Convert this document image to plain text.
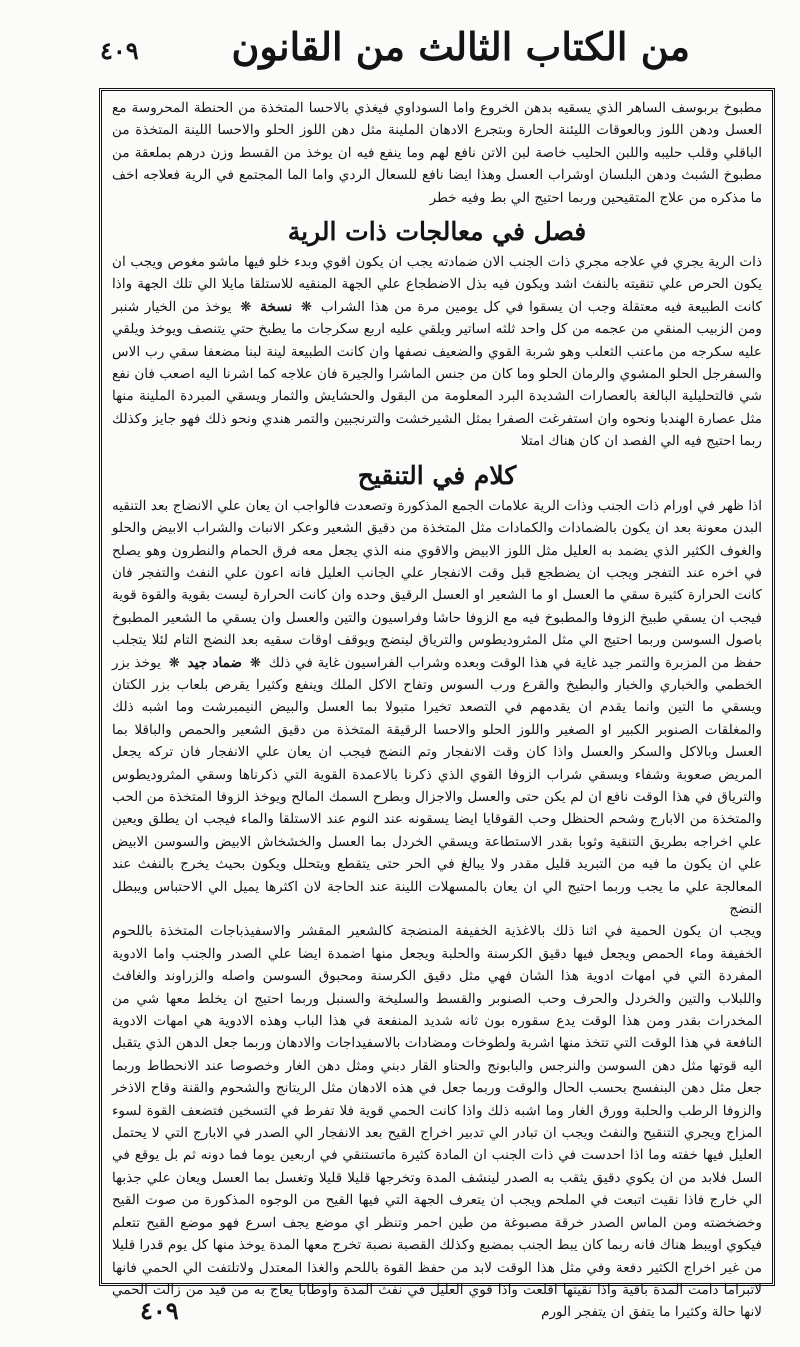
٤٠٩ من الكتاب الثالث من القانون

مطبوخ بربوسف الساهر الذي يسقيه بدهن الخروع واما السوداوي فيغذي بالاحسا المتخذة من الحنطة المحروسة مع العسل ودهن اللوز وبالعوقات الليئنة الحارة وبتجرع الادهان الملينة مثل دهن اللوز الحلو والاحسا اللينة المتخذة من الباقلي وقلب حليبه واللبن الحليب خاصة لبن الاتن نافع لهم وما ينفع فيه ان يوخذ من القسط وزن درهم بملعقة من مطبوخ الشبث ودهن البلسان اوشراب العسل وهذا ايضا نافع للسعال الردي واما الما المجتمع في الرية فعلاجه اخف ما مذكره من علاج المتقيحين وربما احتيج الي بط وفيه خطر

فصل في معالجات ذات الرية

ذات الرية يجري في علاجه مجري ذات الجنب الان ضمادته يجب ان يكون اقوي وبدء خلو فيها ماشو مغوص ويجب ان يكون الحرص علي تنقيته بالنفث اشد ويكون فيه بذل الاضطجاع علي الجهة المنقيه للاستلقا مايلا الي تلك الجهة واذا كانت الطبيعة فيه معتقلة وجب ان يسقوا في كل يومين مرة من هذا الشراب ❋ نسخة ❋ يوخذ من الخيار شنبر ومن الزبيب المنقي من عجمه من كل واحد ثلثه اساتير ويلقي عليه اربع سكرجات ما يطبخ حتي يتنصف ويوخذ ويلقي عليه سكرجه من ماعنب الثعلب وهو شربة القوي والضعيف نصفها وان كانت الطبيعة لينة لبنا مضعفا سقي رب الاس والسفرجل الحلو المشوي والرمان الحلو وما كان من جنس الماشرا والجيرة فان علاجه كما اشرنا اليه اصعب فان نفع شي فالتحليلية البالغة بالعصارات الشديدة البرد المعلومة من البقول والحشايش والثمار ويسقي المبردة الملينة منها مثل عصارة الهندبا ونحوه وان استفرغت الصفرا بمثل الشيرخشت والترنجبين والتمر هندي ونحو ذلك فهو جايز وكذلك ربما احتيج فيه الي الفصد ان كان هناك امتلا

كلام في التنقيح

اذا ظهر في اورام ذات الجنب وذات الرية علامات الجمع المذكورة وتصعدت فالواجب ان يعان علي الانضاج بعد التنقيه البدن معونة بعد ان يكون بالضمادات والكمادات مثل المتخذة من دقيق الشعير وعكر الانبات والشراب الابيض والحلو والغوف الكثير الذي يضمد به العليل مثل اللوز الابيض والاقوي منه الذي يجعل معه فرق الحمام والنطرون وهو يصلح في اخره عند التفجر ويجب ان يضطجع قبل وقت الانفجار علي الجانب العليل فانه اعون علي النفث والتفجر فان كانت الحرارة كثيرة سقي ما العسل او ما الشعير او العسل الرقيق وحده وان كانت الحرارة ليست بقوية والقوة قوية فيجب ان يسقي طبيخ الزوفا والمطبوخ فيه مع الزوفا حاشا وفراسيون والتين والعسل وان يسقي ما الشعير المطبوخ باصول السوسن وربما احتيج الي مثل المثروديطوس والترياق لينضج ويوقف اوقات سقيه بعد النضج التام لئلا يتجلب حفظ من المزبرة والتمر جيد غاية في هذا الوقت وبعده وشراب الفراسيون غاية في ذلك ❋ ضماد جيد ❋ يوخذ بزر الخطمي والخباري والخبار والبطيخ والقرع ورب السوس وتفاح الاكل الملك وينفع وكثيرا يقرص بلعاب بزر الكتان ويسقي ما التين وانما يقدم ان يقدمهم في التصعد تخيرا متبولا بما العسل والبيض النيمبرشت وما اشبه ذلك والمغلقات الصنوبر الكبير او الصغير واللوز الحلو والاحسا الرقيقة المتخذة من دقيق الشعير والحمص والباقلا بما العسل وبالاكل والسكر والعسل واذا كان وقت الانفجار وتم النضج فيجب ان يعان علي الانفجار فان تركه يجعل المريض صعوبة وشفاء ويسقي شراب الزوفا القوي الذي ذكرنا بالاعمدة القوية التي ذكرناها وسقي المثروديطوس والترياق في هذا الوقت نافع ان لم يكن حتى والعسل والاجزال وبطرح السمك المالح ويوخذ الزوفا المتخذة من الحب والمتخذة من الابارج وشحم الحنظل وحب القوقايا ايضا يسقونه عند النوم عند الاستلقا والماء فيجب ان يطلق ويعين علي اخراجه بطريق التنقية وثوبا بقدر الاستطاعة ويسقي الخردل بما العسل والخشخاش الابيض والسوسن الابيض علي ان يكون ما فيه من التبريد قليل مقدر ولا يبالغ في الحر حتى يتقطع ويتحلل ويكون بحيث يخرج بالنفث عند المعالجة علي ما يجب وربما احتيج الي ان يعان بالمسهلات اللينة عند الحاجة لان اكثرها يميل الي الاحتباس ويبطل النضج

ويجب ان يكون الحمية في اثنا ذلك بالاغذية الخفيفة المنضجة كالشعير المقشر والاسفيذباجات المتخذة باللحوم الخفيفة وماء الحمص ويجعل فيها دقيق الكرسنة والحلبة ويجعل منها اضمدة ايضا علي الصدر والجنب واما الادوية المفردة التي في امهات ادوية هذا الشان فهي مثل دقيق الكرسنة ومحبوق السوسن واصله والزراوند والغافث واللبلاب والتين والخردل والحرف وحب الصنوبر والقسط والسليخة والسنبل وربما احتيج ان يخلط معها شي من المخدرات بقدر ومن هذا الوقت يدع سقوره بون ثانه شديد المنفعة في هذا الباب وهذه الادوية هي امهات الادوية النافعة في هذا الوقت التي تتخذ منها اشربة ولطوخات ومضادات بالاسفيداجات والادهان وربما جعل الدهن الذي يتقبل اليه قوتها مثل دهن السوسن والنرجس والبابونج والحناو القار دبني ومثل دهن الغار وخصوصا عند الانحطاط وربما جعل مثل دهن البنفسج بحسب الحال والوقت وربما جعل في هذه الادهان مثل الريتانج والشحوم والقنة وقاح الاذخر والزوفا الرطب والحلبة وورق الغار وما اشبه ذلك واذا كانت الحمي قوية فلا تفرط في التسخين فتضعف القوة لسوء المزاج ويجري التنقيح والنفث ويجب ان تبادر الي تدبير اخراج القيح بعد الانفجار الي الصدر في الابارج التي لا يحتمل العليل فيها خفته وما اذا احدست في ذات الجنب ان المادة كثيرة ماتستنقي في اربعين يوما فما دونه ثم بل يوقع في السل فلابد من ان يكوي دقيق يثقب به الصدر لينشف المدة وتخرجها قليلا قليلا وتغسل بما العسل ويعان علي جذبها الي خارج فاذا نقيت اتبعت في الملحم ويجب ان يتعرف الجهة التي فيها القيح من الوجوه المذكورة من صوت القيح وخضخضته ومن الماس الصدر خرقة مصبوغة من طين احمر وتنظر اي موضع يجف اسرع فهو موضع القيح تتعلم فيكوي اويبط هناك فانه ربما كان يبط الجنب بمضبع وكذلك القصبة نصبة تخرج معها المدة يوخذ منها كل يوم قدرا قليلا من غير اخراج الكثير دفعة وفي مثل هذا الوقت لابد من حفظ القوة باللحم والغذا المعتدل ولاتلتفت الي الحمي فانها لاتبراما دامت المدة باقية واذا نقيتها اقلعت واذا قوي العليل في نفث المدة واوطابا يعاج به من قيد من زالت الحمي لانها حالة وكثيرا ما يتفق ان يتفجر الورم

٤٠٩
